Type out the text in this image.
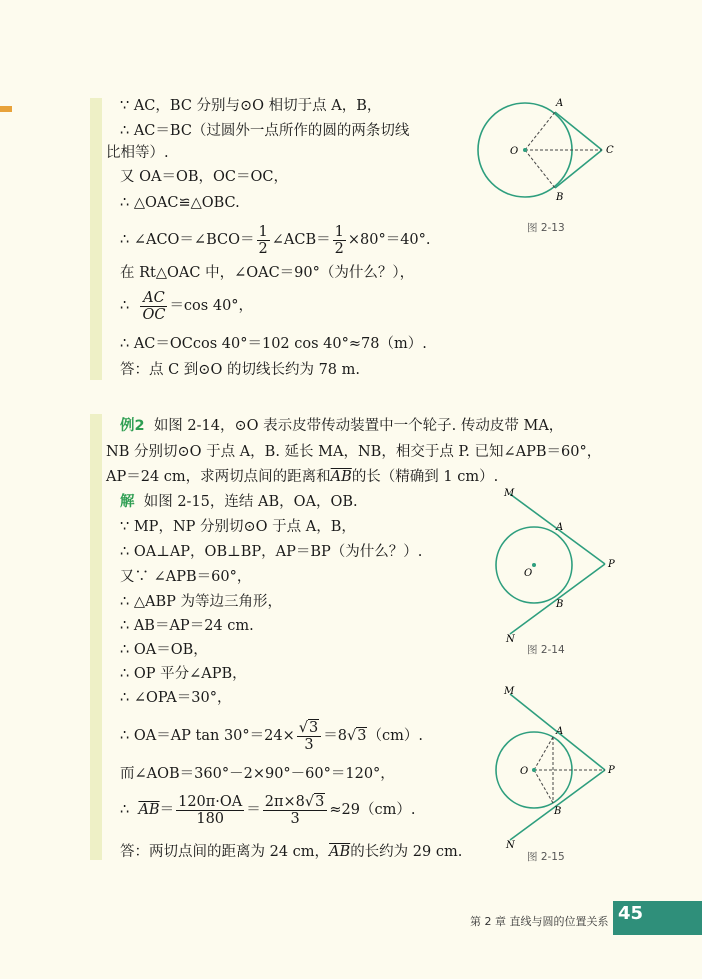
∵ AC，BC 分别与⊙O 相切于点 A，B，
∴ AC＝BC（过圆外一点所作的圆的两条切线
比相等）.
又 OA＝OB，OC＝OC，
∴ △OAC≌△OBC.
∴ ∠ACO＝∠BCO＝ $\frac{1}{2}$ ∠ACB＝ $\frac{1}{2} \times 80^\circ=40^\circ$.
在 Rt△OAC 中，∠OAC＝90°（为什么？），
∴ $\frac{AC}{OC} =\cos$ 40°，
∴ AC＝OCcos 40°＝102 cos 40°≈78（m）.
答：点 C 到⊙O 的切线长约为 78 m.
A
B
C
O
图 2-13
例2 如图 2-14，⊙O 表示皮带传动装置中一个轮子. 传动皮带 MA，
NB 分别切⊙O 于点 A，B. 延长 MA，NB，相交于点 P. 已知∠APB＝60°，
AP＝24 cm，求两切点间的距离和$\overline{AB}$的长（精确到 1 cm）.
解 如图 2-15，连结 AB，OA，OB.
∵ MP，NP 分别切⊙O 于点 A，B，
∴ OA⊥AP，OB⊥BP，AP＝BP（为什么？）.
又∵ ∠APB＝60°，
∴ △ABP 为等边三角形，
∴ AB＝AP＝24 cm.
∴ OA＝OB，
∴ OP 平分∠APB，
∴ ∠OPA＝30°，
∴ OA＝AP $\tan 30^\circ=24\times \frac{√3}{3} =8√3(cm)$.
而∠AOB＝360°－2×90°－60°＝120°，
∴ $\overline{AB}= \frac{120\pi\cdot OA}{180} = \frac{2\pi\times 8√3}{3} \approx 29(cm)$.
答：两切点间的距离为 24 cm，$\overline{AB}$的长约为 29 cm.
M
A
P
O
B
N
图 2-14
M
A
O	P
B
N
图 2-15
第 2 章 直线与圆的位置关系 45
